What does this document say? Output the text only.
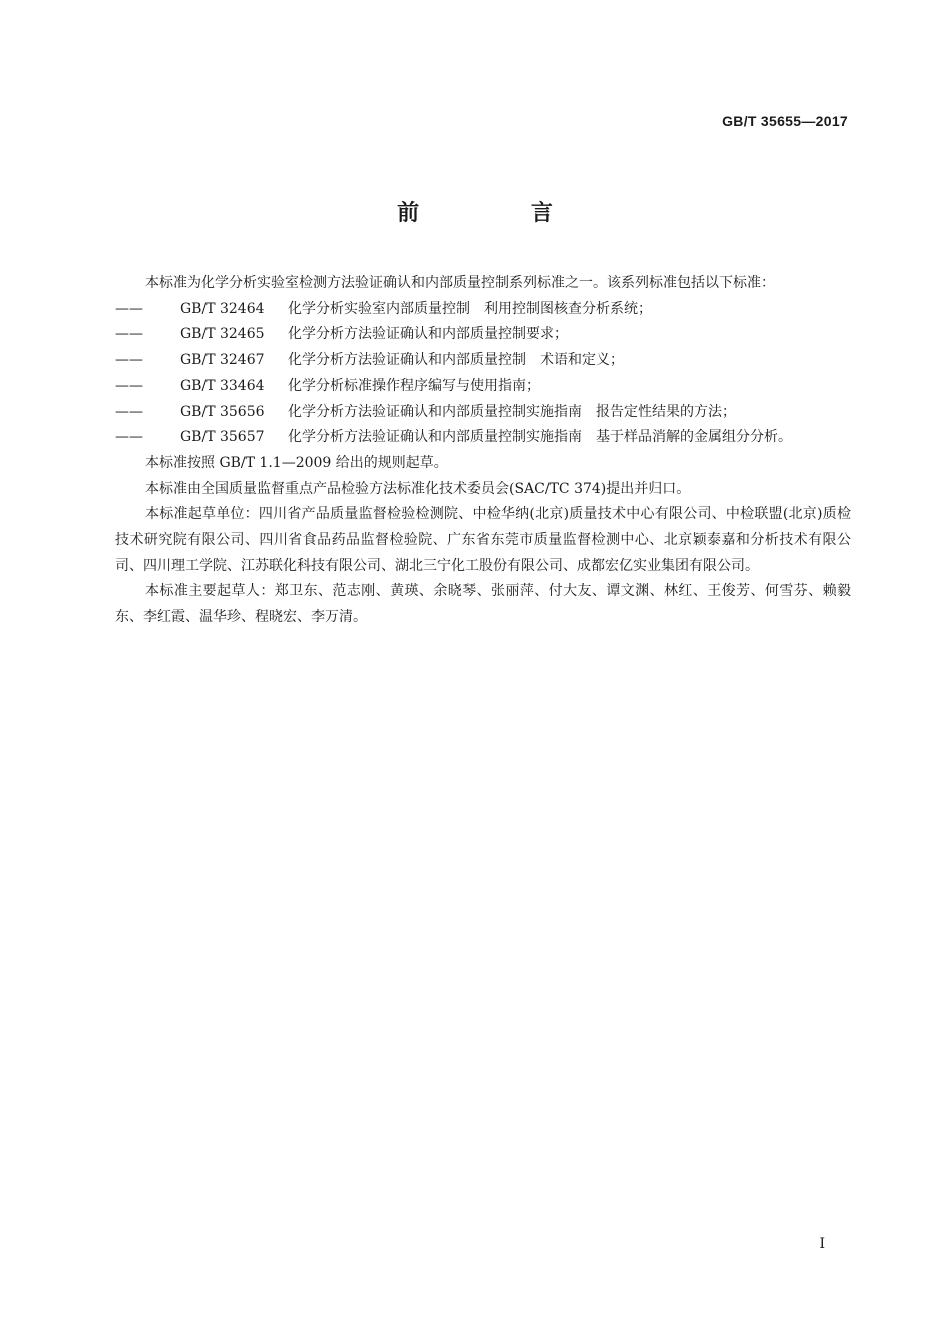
GB/T 35655—2017
前 言

本标准为化学分析实验室检测方法验证确认和内部质量控制系列标准之一。该系列标准包括以下标准：

——	GB/T 32464	化学分析实验室内部质量控制　利用控制图核查分析系统；
——	GB/T 32465	化学分析方法验证确认和内部质量控制要求；
——	GB/T 32467	化学分析方法验证确认和内部质量控制　术语和定义；
——	GB/T 33464	化学分析标准操作程序编写与使用指南；
——	GB/T 35656	化学分析方法验证确认和内部质量控制实施指南　报告定性结果的方法；
——	GB/T 35657	化学分析方法验证确认和内部质量控制实施指南　基于样品消解的金属组分分析。

本标准按照 GB/T 1.1—2009 给出的规则起草。

本标准由全国质量监督重点产品检验方法标准化技术委员会(SAC/TC 374)提出并归口。

本标准起草单位：四川省产品质量监督检验检测院、中检华纳(北京)质量技术中心有限公司、中检联盟(北京)质检技术研究院有限公司、四川省食品药品监督检验院、广东省东莞市质量监督检测中心、北京颖泰嘉和分析技术有限公司、四川理工学院、江苏联化科技有限公司、湖北三宁化工股份有限公司、成都宏亿实业集团有限公司。

本标准主要起草人：郑卫东、范志刚、黄瑛、余晓琴、张丽萍、付大友、谭文渊、林红、王俊芳、何雪芬、赖毅东、李红霞、温华珍、程晓宏、李万清。

I
